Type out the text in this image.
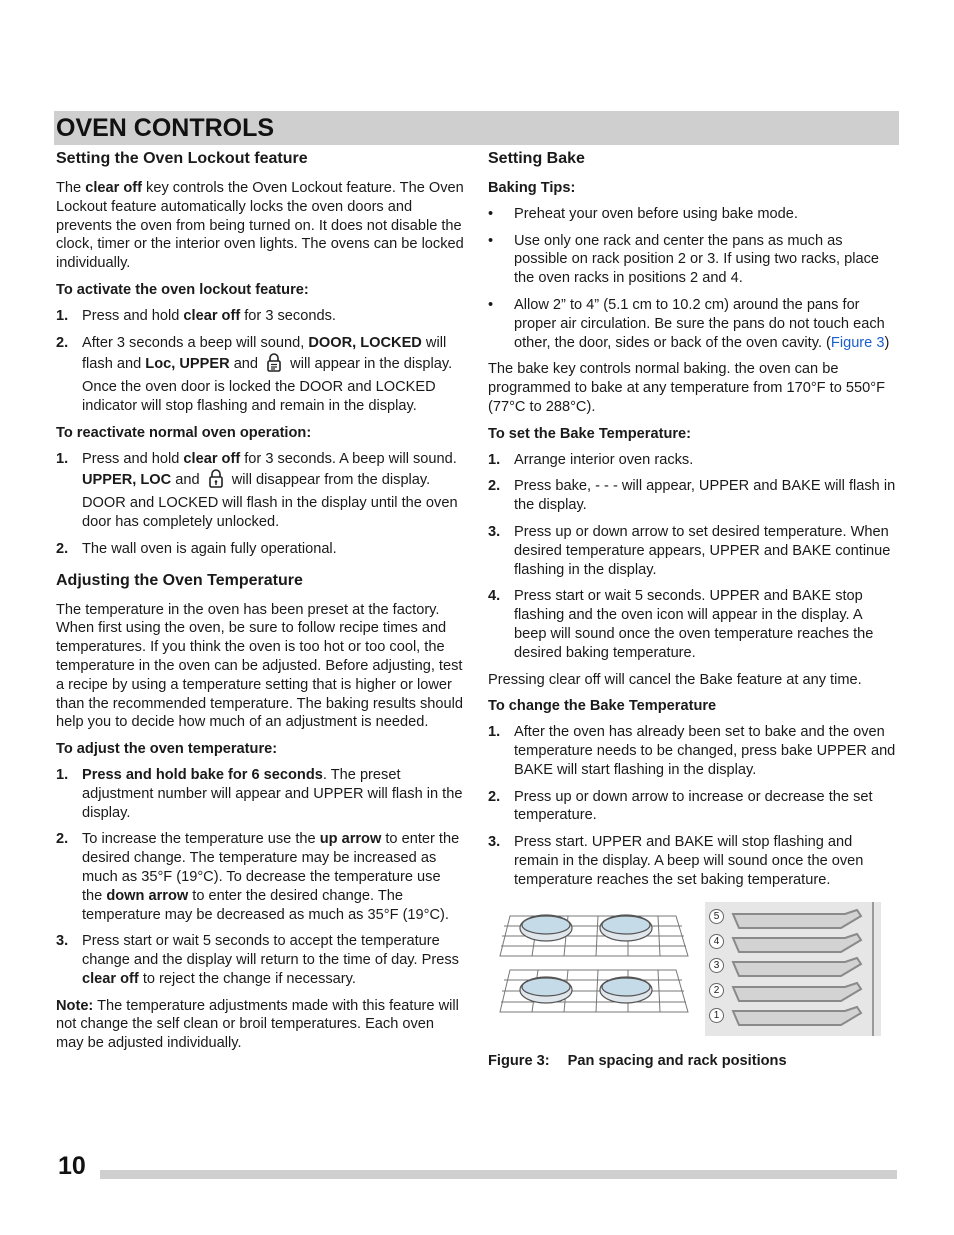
OVEN CONTROLS
Setting the Oven Lockout feature

The clear off key controls the Oven Lockout feature. The Oven Lockout feature automatically locks the oven doors and prevents the oven from being turned on. It does not disable the clock, timer or the interior oven lights. The ovens can be locked individually.

To activate the oven lockout feature:
1. Press and hold clear off for 3 seconds.
2. After 3 seconds a beep will sound, DOOR, LOCKED will flash and Loc, UPPER and  will appear in the display. Once the oven door is locked the DOOR and LOCKED indicator will stop flashing and remain in the display.
To reactivate normal oven operation:
1. Press and hold clear off for 3 seconds. A beep will sound. UPPER, LOC and  will disappear from the display. DOOR and LOCKED will flash in the display until the oven door has completely unlocked.
2. The wall oven is again fully operational.
Adjusting the Oven Temperature

The temperature in the oven has been preset at the factory. When first using the oven, be sure to follow recipe times and temperatures. If you think the oven is too hot or too cool, the temperature in the oven can be adjusted. Before adjusting, test a recipe by using a temperature setting that is higher or lower than the recommended temperature. The baking results should help you to decide how much of an adjustment is needed.

To adjust the oven temperature:
1. Press and hold bake for 6 seconds. The preset adjustment number will appear and UPPER will flash in the display.
2. To increase the temperature use the up arrow to enter the desired change. The temperature may be increased as much as 35°F (19°C). To decrease the temperature use the down arrow to enter the desired change. The temperature may be decreased as much as 35°F (19°C).
3. Press start or wait 5 seconds to accept the temperature change and the display will return to the time of day. Press clear off to reject the change if necessary.

Note: The temperature adjustments made with this feature will not change the self clean or broil temperatures. Each oven may be adjusted individually.

Setting Bake
Baking Tips:
• Preheat your oven before using bake mode.
• Use only one rack and center the pans as much as possible on rack position 2 or 3. If using two racks, place the oven racks in positions 2 and 4.
• Allow 2” to 4” (5.1 cm to 10.2 cm) around the pans for proper air circulation. Be sure the pans do not touch each other, the door, sides or back of the oven cavity. (Figure 3)

The bake key controls normal baking. the oven can be programmed to bake at any temperature from 170°F to 550°F (77°C to 288°C).

To set the Bake Temperature:
1. Arrange interior oven racks.
2. Press bake, - - - will appear, UPPER and BAKE will flash in the display.
3. Press up or down arrow to set desired temperature. When desired temperature appears, UPPER and BAKE continue flashing in the display.
4. Press start or wait 5 seconds. UPPER and BAKE stop flashing and the oven icon will appear in the display. A beep will sound once the oven temperature reaches the desired baking temperature.

Pressing clear off will cancel the Bake feature at any time.

To change the Bake Temperature
1. After the oven has already been set to bake and the oven temperature needs to be changed, press bake UPPER and BAKE will start flashing in the display.
2. Press up or down arrow to increase or decrease the set temperature.
3. Press start. UPPER and BAKE will stop flashing and remain in the display. A beep will sound once the oven temperature reaches the set baking temperature.
5
4
3
2
1
Figure 3: Pan spacing and rack positions
10
